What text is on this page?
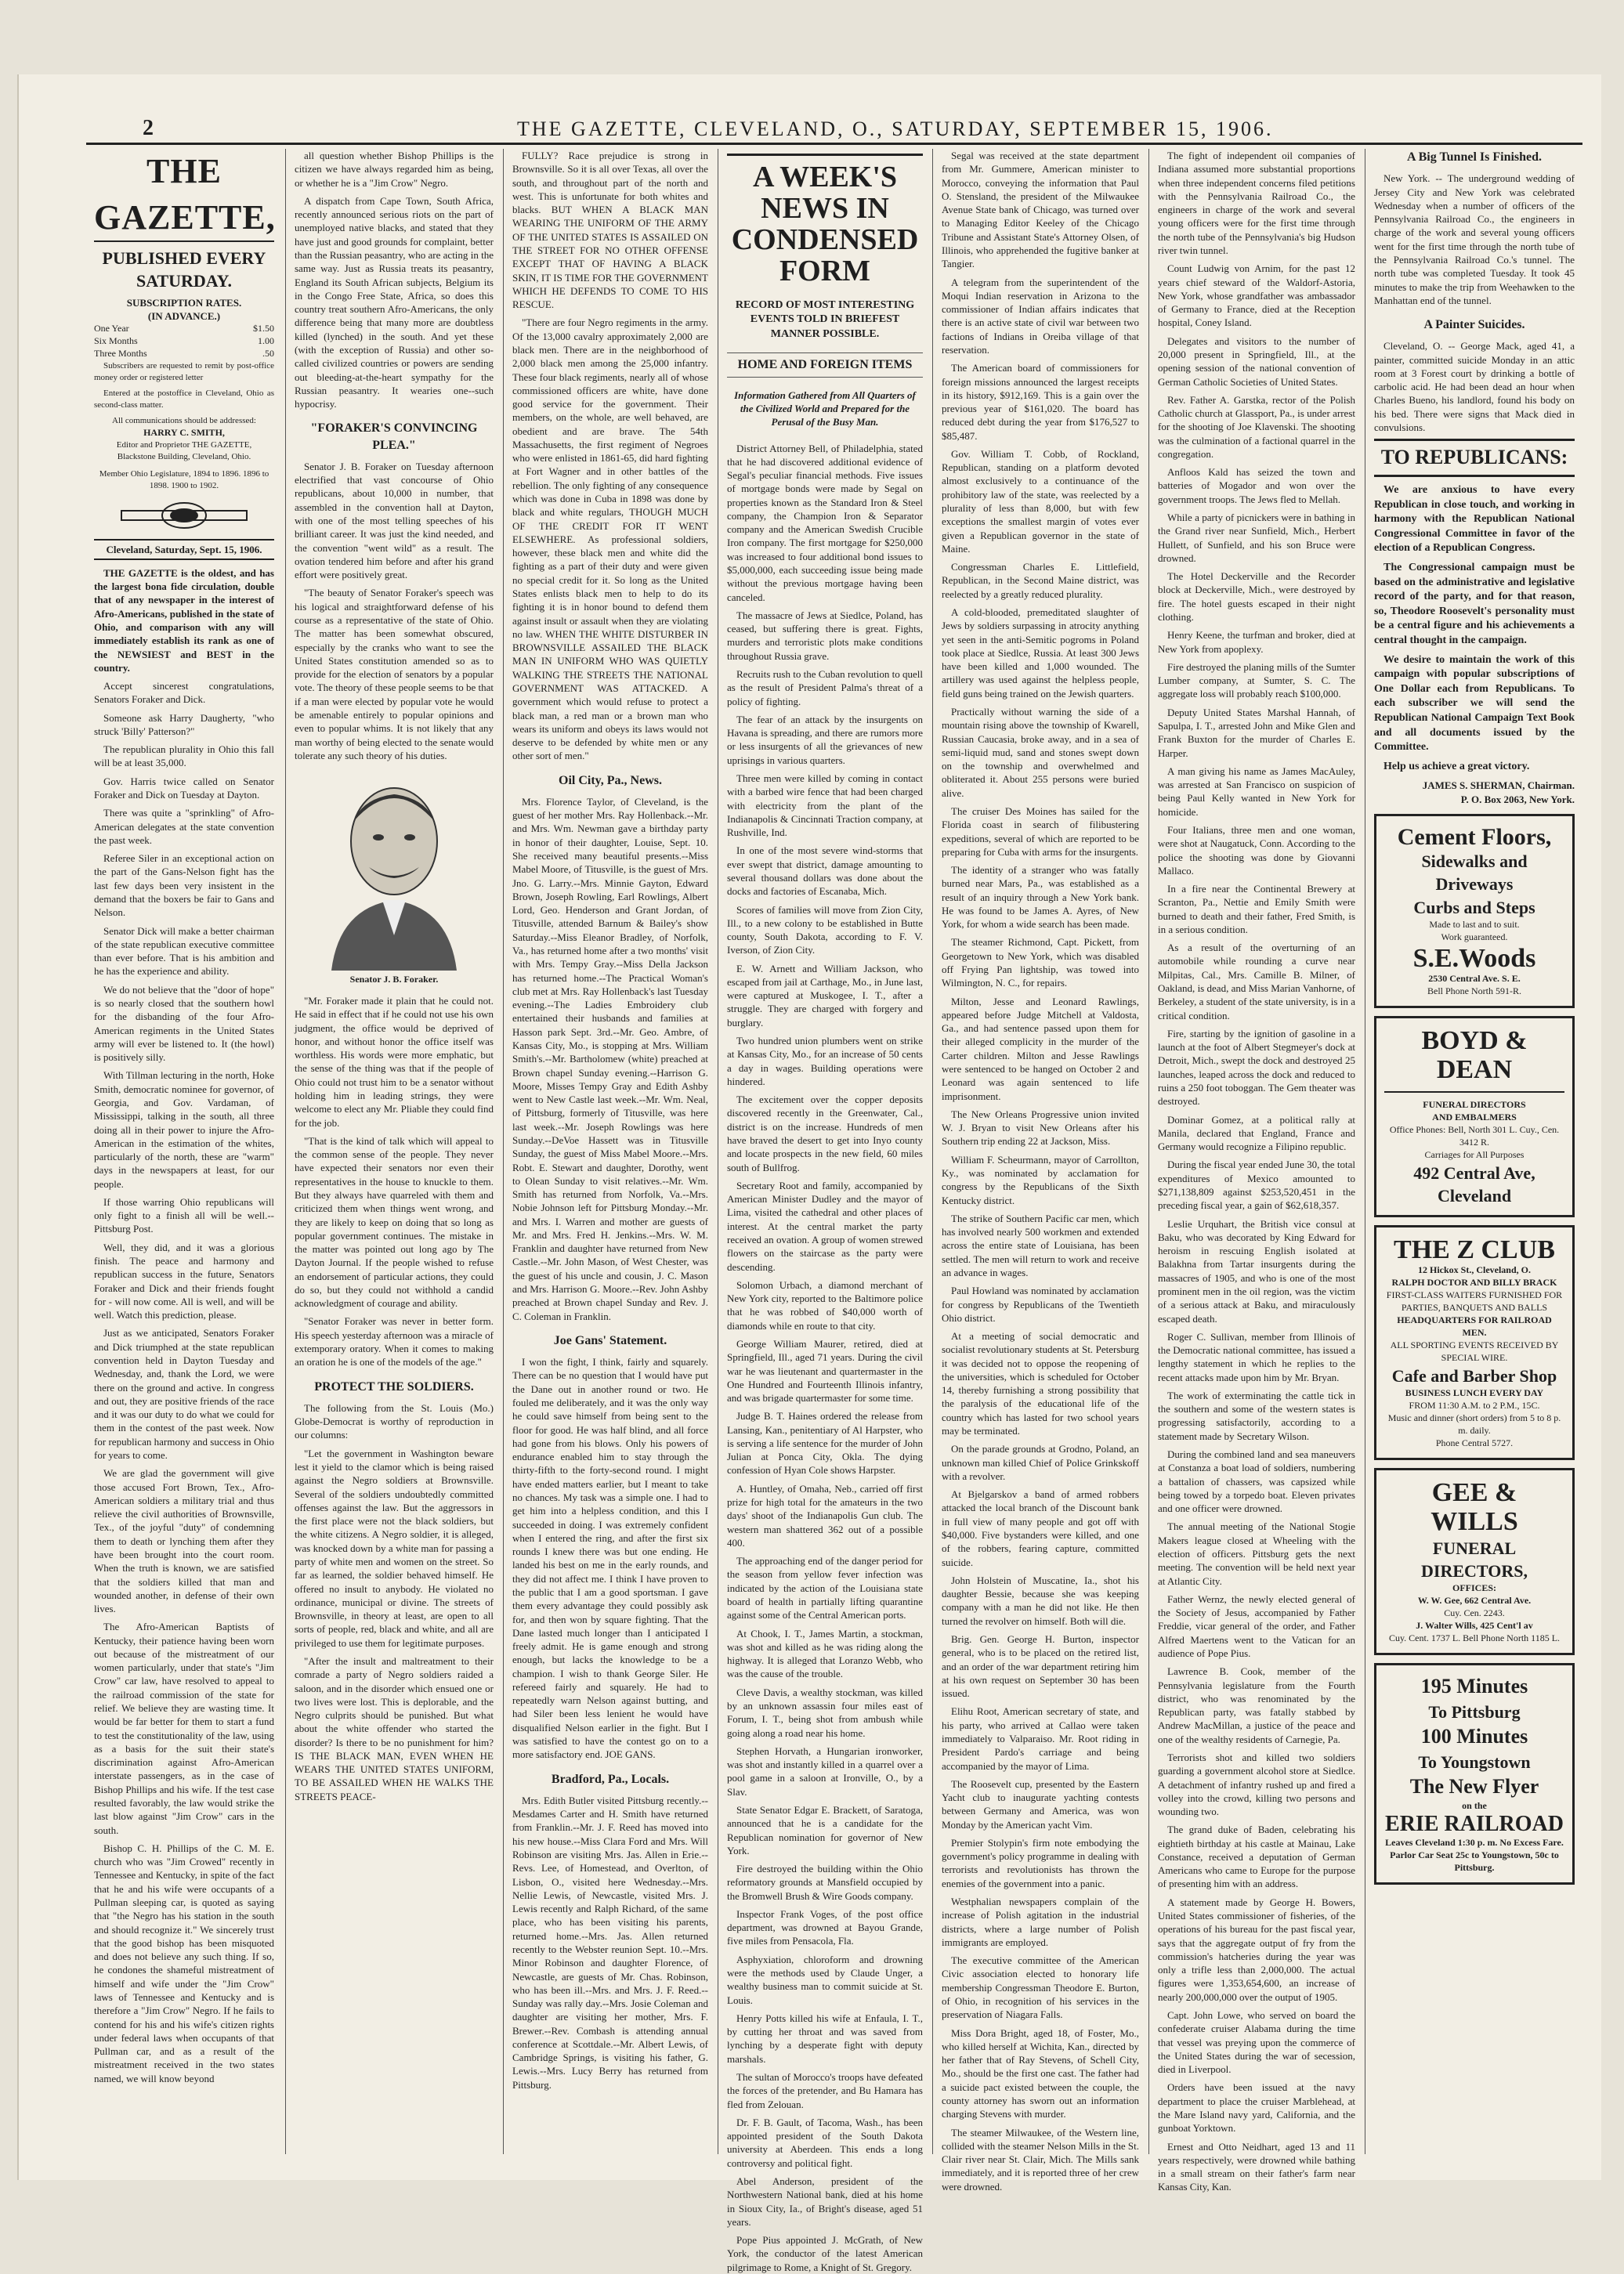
2	THE GAZETTE, CLEVELAND, O., SATURDAY, SEPTEMBER 15, 1906.
THE GAZETTE,
PUBLISHED EVERY SATURDAY.
SUBSCRIPTION RATES.
(IN ADVANCE.)
One Year	$1.50
Six Months	1.00
Three Months	.50

Subscribers are requested to remit by post-office money order or registered letter

Entered at the postoffice in Cleveland, Ohio as second-class matter.

All communications should be addressed:
HARRY C. SMITH,
Editor and Proprietor THE GAZETTE,
Blackstone Building, Cleveland, Ohio.
Member Ohio Legislature, 1894 to 1896. 1896 to 1898. 1900 to 1902.
Cleveland, Saturday, Sept. 15, 1906.

THE GAZETTE is the oldest, and has the largest bona fide circulation, double that of any newspaper in the interest of Afro-Americans, published in the state of Ohio, and comparison with any will immediately establish its rank as one of the NEWSIEST and BEST in the country.

Accept sincerest congratulations, Senators Foraker and Dick.

Someone ask Harry Daugherty, "who struck 'Billy' Patterson?"

The republican plurality in Ohio this fall will be at least 35,000.

Gov. Harris twice called on Senator Foraker and Dick on Tuesday at Dayton.

There was quite a "sprinkling" of Afro-American delegates at the state convention the past week.

Referee Siler in an exceptional action on the part of the Gans-Nelson fight has the last few days been very insistent in the demand that the boxers be fair to Gans and Nelson.

Senator Dick will make a better chairman of the state republican executive committee than ever before. That is his ambition and he has the experience and ability.

We do not believe that the "door of hope" is so nearly closed that the southern howl for the disbanding of the four Afro-American regiments in the United States army will ever be listened to. It (the howl) is positively silly.

With Tillman lecturing in the north, Hoke Smith, democratic nominee for governor, of Georgia, and Gov. Vardaman, of Mississippi, talking in the south, all three doing all in their power to injure the Afro-American in the estimation of the whites, particularly of the north, these are "warm" days in the newspapers at least, for our people.

If those warring Ohio republicans will only fight to a finish all will be well.--Pittsburg Post.

Well, they did, and it was a glorious finish. The peace and harmony and republican success in the future, Senators Foraker and Dick and their friends fought for - will now come. All is well, and will be well. Watch this prediction, please.

Just as we anticipated, Senators Foraker and Dick triumphed at the state republican convention held in Dayton Tuesday and Wednesday, and, thank the Lord, we were there on the ground and active. In congress and out, they are positive friends of the race and it was our duty to do what we could for them in the contest of the past week. Now for republican harmony and success in Ohio for years to come.

We are glad the government will give those accused Fort Brown, Tex., Afro-American soldiers a military trial and thus relieve the civil authorities of Brownsville, Tex., of the joyful "duty" of condemning them to death or lynching them after they have been brought into the court room. When the truth is known, we are satisfied that the soldiers killed that man and wounded another, in defense of their own lives.

The Afro-American Baptists of Kentucky, their patience having been worn out because of the mistreatment of our women particularly, under that state's "Jim Crow" car law, have resolved to appeal to the railroad commission of the state for relief. We believe they are wasting time. It would be far better for them to start a fund to test the constitutionality of the law, using as a basis for the suit their state's discrimination against Afro-American interstate passengers, as in the case of Bishop Phillips and his wife. If the test case resulted favorably, the law would strike the last blow against "Jim Crow" cars in the south.

Bishop C. H. Phillips of the C. M. E. church who was "Jim Crowed" recently in Tennessee and Kentucky, in spite of the fact that he and his wife were occupants of a Pullman sleeping car, is quoted as saying that "the Negro has his station in the south and should recognize it." We sincerely trust that the good bishop has been misquoted and does not believe any such thing. If so, he condones the shameful mistreatment of himself and wife under the "Jim Crow" laws of Tennessee and Kentucky and is therefore a "Jim Crow" Negro. If he fails to contend for his and his wife's citizen rights under federal laws when occupants of that Pullman car, and as a result of the mistreatment received in the two states named, we will know beyond

all question whether Bishop Phillips is the citizen we have always regarded him as being, or whether he is a "Jim Crow" Negro.

A dispatch from Cape Town, South Africa, recently announced serious riots on the part of unemployed native blacks, and stated that they have just and good grounds for complaint, better than the Russian peasantry, who are acting in the same way. Just as Russia treats its peasantry, England its South African subjects, Belgium its in the Congo Free State, Africa, so does this country treat southern Afro-Americans, the only difference being that many more are doubtless killed (lynched) in the south. And yet these (with the exception of Russia) and other so-called civilized countries or powers are sending out bleeding-at-the-heart sympathy for the Russian peasantry. It wearies one--such hypocrisy.

"FORAKER'S CONVINCING PLEA."

Senator J. B. Foraker on Tuesday afternoon electrified that vast concourse of Ohio republicans, about 10,000 in number, that assembled in the convention hall at Dayton, with one of the most telling speeches of his brilliant career. It was just the kind needed, and the convention "went wild" as a result. The ovation tendered him before and after his grand effort were positively great.

"The beauty of Senator Foraker's speech was his logical and straightforward defense of his course as a representative of the state of Ohio. The matter has been somewhat obscured, especially by the cranks who want to see the United States constitution amended so as to provide for the election of senators by a popular vote. The theory of these people seems to be that if a man were elected by popular vote he would be amenable entirely to popular opinions and even to popular whims. It is not likely that any man worthy of being elected to the senate would tolerate any such theory of his duties.

Senator J. B. Foraker.

"Mr. Foraker made it plain that he could not. He said in effect that if he could not use his own judgment, the office would be deprived of honor, and without honor the office itself was worthless. His words were more emphatic, but the sense of the thing was that if the people of Ohio could not trust him to be a senator without holding him in leading strings, they were welcome to elect any Mr. Pliable they could find for the job.

"That is the kind of talk which will appeal to the common sense of the people. They never have expected their senators nor even their representatives in the house to knuckle to them. But they always have quarreled with them and criticized them when things went wrong, and they are likely to keep on doing that so long as popular government continues. The mistake in the matter was pointed out long ago by The Dayton Journal. If the people wished to refuse an endorsement of particular actions, they could do so, but they could not withhold a candid acknowledgment of courage and ability.

"Senator Foraker was never in better form. His speech yesterday afternoon was a miracle of extemporary oratory. When it comes to making an oration he is one of the models of the age."

PROTECT THE SOLDIERS.

The following from the St. Louis (Mo.) Globe-Democrat is worthy of reproduction in our columns:

"Let the government in Washington beware lest it yield to the clamor which is being raised against the Negro soldiers at Brownsville. Several of the soldiers undoubtedly committed offenses against the law. But the aggressors in the first place were not the black soldiers, but the white citizens. A Negro soldier, it is alleged, was knocked down by a white man for passing a party of white men and women on the street. So far as learned, the soldier behaved himself. He offered no insult to anybody. He violated no ordinance, municipal or divine. The streets of Brownsville, in theory at least, are open to all sorts of people, red, black and white, and all are privileged to use them for legitimate purposes.

"After the insult and maltreatment to their comrade a party of Negro soldiers raided a saloon, and in the disorder which ensued one or two lives were lost. This is deplorable, and the Negro culprits should be punished. But what about the white offender who started the disorder? Is there to be no punishment for him? IS THE BLACK MAN, EVEN WHEN HE WEARS THE UNITED STATES UNIFORM, TO BE ASSAILED WHEN HE WALKS THE STREETS PEACE-

FULLY? Race prejudice is strong in Brownsville. So it is all over Texas, all over the south, and throughout part of the north and west. This is unfortunate for both whites and blacks. BUT WHEN A BLACK MAN WEARING THE UNIFORM OF THE ARMY OF THE UNITED STATES IS ASSAILED ON THE STREET FOR NO OTHER OFFENSE EXCEPT THAT OF HAVING A BLACK SKIN, IT IS TIME FOR THE GOVERNMENT WHICH HE DEFENDS TO COME TO HIS RESCUE.

"There are four Negro regiments in the army. Of the 13,000 cavalry approximately 2,000 are black men. There are in the neighborhood of 2,000 black men among the 25,000 infantry. These four black regiments, nearly all of whose commissioned officers are white, have done good service for the government. Their members, on the whole, are well behaved, are obedient and are brave. The 54th Massachusetts, the first regiment of Negroes who were enlisted in 1861-65, did hard fighting at Fort Wagner and in other battles of the rebellion. The only fighting of any consequence which was done in Cuba in 1898 was done by black and white regulars, THOUGH MUCH OF THE CREDIT FOR IT WENT ELSEWHERE. As professional soldiers, however, these black men and white did the fighting as a part of their duty and were given no special credit for it. So long as the United States enlists black men to help to do its fighting it is in honor bound to defend them against insult or assault when they are violating no law. WHEN THE WHITE DISTURBER IN BROWNSVILLE ASSAILED THE BLACK MAN IN UNIFORM WHO WAS QUIETLY WALKING THE STREETS THE NATIONAL GOVERNMENT WAS ATTACKED. A government which would refuse to protect a black man, a red man or a brown man who wears its uniform and obeys its laws would not deserve to be defended by white men or any other sort of men."

Oil City, Pa., News.

Mrs. Florence Taylor, of Cleveland, is the guest of her mother Mrs. Ray Hollenback.--Mr. and Mrs. Wm. Newman gave a birthday party in honor of their daughter, Louise, Sept. 10. She received many beautiful presents.--Miss Mabel Moore, of Titusville, is the guest of Mrs. Jno. G. Larry.--Mrs. Minnie Gayton, Edward Brown, Joseph Rowling, Earl Rowlings, Albert Lord, Geo. Henderson and Grant Jordan, of Titusville, attended Barnum & Bailey's show Saturday.--Miss Eleanor Bradley, of Norfolk, Va., has returned home after a two months' visit with Mrs. Tempy Gray.--Miss Della Jackson has returned home.--The Practical Woman's club met at Mrs. Ray Hollenback's last Tuesday evening.--The Ladies Embroidery club entertained their husbands and families at Hasson park Sept. 3rd.--Mr. Geo. Ambre, of Kansas City, Mo., is stopping at Mrs. William Smith's.--Mr. Bartholomew (white) preached at Brown chapel Sunday evening.--Harrison G. Moore, Misses Tempy Gray and Edith Ashby went to New Castle last week.--Mr. Wm. Neal, of Pittsburg, formerly of Titusville, was here last week.--Mr. Joseph Rowlings was here Sunday.--DeVoe Hassett was in Titusville Sunday, the guest of Miss Mabel Moore.--Mrs. Robt. E. Stewart and daughter, Dorothy, went to Olean Sunday to visit relatives.--Mr. Wm. Smith has returned from Norfolk, Va.--Mrs. Nobie Johnson left for Pittsburg Monday.--Mr. and Mrs. I. Warren and mother are guests of Mr. and Mrs. Fred H. Jenkins.--Mrs. W. M. Franklin and daughter have returned from New Castle.--Mr. John Mason, of West Chester, was the guest of his uncle and cousin, J. C. Mason and Mrs. Harrison G. Moore.--Rev. John Ashby preached at Brown chapel Sunday and Rev. J. C. Coleman in Franklin.

Joe Gans' Statement.

I won the fight, I think, fairly and squarely. There can be no question that I would have put the Dane out in another round or two. He fouled me deliberately, and it was the only way he could save himself from being sent to the floor for good. He was half blind, and all force had gone from his blows. Only his powers of endurance enabled him to stay through the thirty-fifth to the forty-second round. I might have ended matters earlier, but I meant to take no chances. My task was a simple one. I had to get him into a helpless condition, and this I succeeded in doing. I was extremely confident when I entered the ring, and after the first six rounds I knew there was but one ending. He landed his best on me in the early rounds, and they did not affect me. I think I have proven to the public that I am a good sportsman. I gave them every advantage they could possibly ask for, and then won by square fighting. That the Dane lasted much longer than I anticipated I freely admit. He is game enough and strong enough, but lacks the knowledge to be a champion. I wish to thank George Siler. He refereed fairly and squarely. He had to repeatedly warn Nelson against butting, and had Siler been less lenient he would have disqualified Nelson earlier in the fight. But I was satisfied to have the contest go on to a more satisfactory end. JOE GANS.

Bradford, Pa., Locals.

Mrs. Edith Butler visited Pittsburg recently.--Mesdames Carter and H. Smith have returned from Franklin.--Mr. J. F. Reed has moved into his new house.--Miss Clara Ford and Mrs. Will Robinson are visiting Mrs. Jas. Allen in Erie.--Revs. Lee, of Homestead, and Overlton, of Lisbon, O., visited here Wednesday.--Mrs. Nellie Lewis, of Newcastle, visited Mrs. J. Lewis recently and Ralph Richard, of the same place, who has been visiting his parents, returned home.--Mrs. Jas. Allen returned recently to the Webster reunion Sept. 10.--Mrs. Minor Robinson and daughter Florence, of Newcastle, are guests of Mr. Chas. Robinson, who has been ill.--Mrs. and Mrs. J. F. Reed.--Sunday was rally day.--Mrs. Josie Coleman and daughter are visiting her mother, Mrs. F. Brewer.--Rev. Combash is attending annual conference at Scottdale.--Mr. Albert Lewis, of Cambridge Springs, is visiting his father, G. Lewis.--Mrs. Lucy Berry has returned from Pittsburg.

A WEEK'S NEWS IN
CONDENSED FORM
RECORD OF MOST INTERESTING EVENTS TOLD IN BRIEFEST MANNER POSSIBLE.
HOME AND FOREIGN ITEMS
Information Gathered from All Quarters of the Civilized World and Prepared for the Perusal of the Busy Man.

District Attorney Bell, of Philadelphia, stated that he had discovered additional evidence of Segal's peculiar financial methods. Five issues of mortgage bonds were made by Segal on properties known as the Standard Iron & Steel company, the Champion Iron & Separator company and the American Swedish Crucible Iron company. The first mortgage for $250,000 was increased to four additional bond issues to $5,000,000, each succeeding issue being made without the previous mortgage having been canceled.

The massacre of Jews at Siedlce, Poland, has ceased, but suffering there is great. Fights, murders and terroristic plots make conditions throughout Russia grave.

Recruits rush to the Cuban revolution to quell as the result of President Palma's threat of a policy of fighting.

The fear of an attack by the insurgents on Havana is spreading, and there are rumors more or less insurgents of all the grievances of new uprisings in various quarters.

Three men were killed by coming in contact with a barbed wire fence that had been charged with electricity from the plant of the Indianapolis & Cincinnati Traction company, at Rushville, Ind.

In one of the most severe wind-storms that ever swept that district, damage amounting to several thousand dollars was done about the docks and factories of Escanaba, Mich.

Scores of families will move from Zion City, Ill., to a new colony to be established in Butte county, South Dakota, according to F. V. Iverson, of Zion City.

E. W. Arnett and William Jackson, who escaped from jail at Carthage, Mo., in June last, were captured at Muskogee, I. T., after a struggle. They are charged with forgery and burglary.

Two hundred union plumbers went on strike at Kansas City, Mo., for an increase of 50 cents a day in wages. Building operations were hindered.

The excitement over the copper deposits discovered recently in the Greenwater, Cal., district is on the increase. Hundreds of men have braved the desert to get into Inyo county and locate prospects in the new field, 60 miles south of Bullfrog.

Secretary Root and family, accompanied by American Minister Dudley and the mayor of Lima, visited the cathedral and other places of interest. At the central market the party received an ovation. A group of women strewed flowers on the staircase as the party were descending.

Solomon Urbach, a diamond merchant of New York city, reported to the Baltimore police that he was robbed of $40,000 worth of diamonds while en route to that city.

George William Maurer, retired, died at Springfield, Ill., aged 71 years. During the civil war he was lieutenant and quartermaster in the One Hundred and Fourteenth Illinois infantry, and was brigade quartermaster for some time.

Judge B. T. Haines ordered the release from Lansing, Kan., penitentiary of Al Harpster, who is serving a life sentence for the murder of John Julian at Ponca City, Okla. The dying confession of Hyan Cole shows Harpster.

A. Huntley, of Omaha, Neb., carried off first prize for high total for the amateurs in the two days' shoot of the Indianapolis Gun club. The western man shattered 362 out of a possible 400.

The approaching end of the danger period for the season from yellow fever infection was indicated by the action of the Louisiana state board of health in partially lifting quarantine against some of the Central American ports.

At Chook, I. T., James Martin, a stockman, was shot and killed as he was riding along the highway. It is alleged that Loranzo Webb, who was the cause of the trouble.

Cleve Davis, a wealthy stockman, was killed by an unknown assassin four miles east of Forum, I. T., being shot from ambush while going along a road near his home.

Stephen Horvath, a Hungarian ironworker, was shot and instantly killed in a quarrel over a pool game in a saloon at Ironville, O., by a Slav.

State Senator Edgar E. Brackett, of Saratoga, announced that he is a candidate for the Republican nomination for governor of New York.

Fire destroyed the building within the Ohio reformatory grounds at Mansfield occupied by the Bromwell Brush & Wire Goods company.

Inspector Frank Voges, of the post office department, was drowned at Bayou Grande, five miles from Pensacola, Fla.

Asphyxiation, chloroform and drowning were the methods used by Claude Unger, a wealthy business man to commit suicide at St. Louis.

Henry Potts killed his wife at Enfaula, I. T., by cutting her throat and was saved from lynching by a desperate fight with deputy marshals.

The sultan of Morocco's troops have defeated the forces of the pretender, and Bu Hamara has fled from Zelouan.

Dr. F. B. Gault, of Tacoma, Wash., has been appointed president of the South Dakota university at Aberdeen. This ends a long controversy and political fight.

Abel Anderson, president of the Northwestern National bank, died at his home in Sioux City, Ia., of Bright's disease, aged 51 years.

Pope Pius appointed J. McGrath, of New York, the conductor of the latest American pilgrimage to Rome, a Knight of St. Gregory.

Segal was received at the state department from Mr. Gummere, American minister to Morocco, conveying the information that Paul O. Stensland, the president of the Milwaukee Avenue State bank of Chicago, was turned over to Managing Editor Keeley of the Chicago Tribune and Assistant State's Attorney Olsen, of Illinois, who apprehended the fugitive banker at Tangier.

A telegram from the superintendent of the Moqui Indian reservation in Arizona to the commissioner of Indian affairs indicates that there is an active state of civil war between two factions of Indians in Oreiba village of that reservation.

The American board of commissioners for foreign missions announced the largest receipts in its history, $912,169. This is a gain over the previous year of $161,020. The board has reduced debt during the year from $176,527 to $85,487.

Gov. William T. Cobb, of Rockland, Republican, standing on a platform devoted almost exclusively to a continuance of the prohibitory law of the state, was reelected by a plurality of less than 8,000, but with few exceptions the smallest margin of votes ever given a Republican governor in the state of Maine.

Congressman Charles E. Littlefield, Republican, in the Second Maine district, was reelected by a greatly reduced plurality.

A cold-blooded, premeditated slaughter of Jews by soldiers surpassing in atrocity anything yet seen in the anti-Semitic pogroms in Poland took place at Siedlce, Russia. At least 300 Jews have been killed and 1,000 wounded. The artillery was used against the helpless people, field guns being trained on the Jewish quarters.

Practically without warning the side of a mountain rising above the township of Kwarell, Russian Caucasia, broke away, and in a sea of semi-liquid mud, sand and stones swept down on the township and overwhelmed and obliterated it. About 255 persons were buried alive.

The cruiser Des Moines has sailed for the Florida coast in search of filibustering expeditions, several of which are reported to be preparing for Cuba with arms for the insurgents.

The identity of a stranger who was fatally burned near Mars, Pa., was established as a result of an inquiry through a New York bank. He was found to be James A. Ayres, of New York, for whom a wide search has been made.

The steamer Richmond, Capt. Pickett, from Georgetown to New York, which was disabled off Frying Pan lightship, was towed into Wilmington, N. C., for repairs.

Milton, Jesse and Leonard Rawlings, appeared before Judge Mitchell at Valdosta, Ga., and had sentence passed upon them for their alleged complicity in the murder of the Carter children. Milton and Jesse Rawlings were sentenced to be hanged on October 2 and Leonard was again sentenced to life imprisonment.

The New Orleans Progressive union invited W. J. Bryan to visit New Orleans after his Southern trip ending 22 at Jackson, Miss.

William F. Scheurmann, mayor of Carrollton, Ky., was nominated by acclamation for congress by the Republicans of the Sixth Kentucky district.

The strike of Southern Pacific car men, which has involved nearly 500 workmen and extended across the entire state of Louisiana, has been settled. The men will return to work and receive an advance in wages.

Paul Howland was nominated by acclamation for congress by Republicans of the Twentieth Ohio district.

At a meeting of social democratic and socialist revolutionary students at St. Petersburg it was decided not to oppose the reopening of the universities, which is scheduled for October 14, thereby furnishing a strong possibility that the paralysis of the educational life of the country which has lasted for two school years may be terminated.

On the parade grounds at Grodno, Poland, an unknown man killed Chief of Police Grinkskoff with a revolver.

At Bjelgarskov a band of armed robbers attacked the local branch of the Discount bank in full view of many people and got off with $40,000. Five bystanders were killed, and one of the robbers, fearing capture, committed suicide.

John Holstein of Muscatine, Ia., shot his daughter Bessie, because she was keeping company with a man he did not like. He then turned the revolver on himself. Both will die.

Brig. Gen. George H. Burton, inspector general, who is to be placed on the retired list, and an order of the war department retiring him at his own request on September 30 has been issued.

Elihu Root, American secretary of state, and his party, who arrived at Callao were taken immediately to Valparaiso. Mr. Root riding in President Pardo's carriage and being accompanied by the mayor of Lima.

The Roosevelt cup, presented by the Eastern Yacht club to inaugurate yachting contests between Germany and America, was won Monday by the American yacht Vim.

Premier Stolypin's firm note embodying the government's policy programme in dealing with terrorists and revolutionists has thrown the enemies of the government into a panic.

Westphalian newspapers complain of the increase of Polish agitation in the industrial districts, where a large number of Polish immigrants are employed.

The executive committee of the American Civic association elected to honorary life membership Congressman Theodore E. Burton, of Ohio, in recognition of his services in the preservation of Niagara Falls.

Miss Dora Bright, aged 18, of Foster, Mo., who killed herself at Wichita, Kan., directed by her father that of Ray Stevens, of Schell City, Mo., should be the first one cast. The father had a suicide pact existed between the couple, the county attorney has sworn out an information charging Stevens with murder.

The steamer Milwaukee, of the Western line, collided with the steamer Nelson Mills in the St. Clair river near St. Clair, Mich. The Mills sank immediately, and it is reported three of her crew were drowned.

The fight of independent oil companies of Indiana assumed more substantial proportions when three independent concerns filed petitions with the Pennsylvania Railroad Co., the engineers in charge of the work and several young officers were for the first time through the north tube of the Pennsylvania's big Hudson river twin tunnel.

Count Ludwig von Arnim, for the past 12 years chief steward of the Waldorf-Astoria, New York, whose grandfather was ambassador of Germany to France, died at the Reception hospital, Coney Island.

Delegates and visitors to the number of 20,000 present in Springfield, Ill., at the opening session of the national convention of German Catholic Societies of United States.

Rev. Father A. Garstka, rector of the Polish Catholic church at Glassport, Pa., is under arrest for the shooting of Joe Klavenski. The shooting was the culmination of a factional quarrel in the congregation.

Anfloos Kald has seized the town and batteries of Mogador and won over the government troops. The Jews fled to Mellah.

While a party of picnickers were in bathing in the Grand river near Sunfield, Mich., Herbert Hullett, of Sunfield, and his son Bruce were drowned.

The Hotel Deckerville and the Recorder block at Deckerville, Mich., were destroyed by fire. The hotel guests escaped in their night clothing.

Henry Keene, the turfman and broker, died at New York from apoplexy.

Fire destroyed the planing mills of the Sumter Lumber company, at Sumter, S. C. The aggregate loss will probably reach $100,000.

Deputy United States Marshal Hannah, of Sapulpa, I. T., arrested John and Mike Glen and Frank Buxton for the murder of Charles E. Harper.

A man giving his name as James MacAuley, was arrested at San Francisco on suspicion of being Paul Kelly wanted in New York for homicide.

Four Italians, three men and one woman, were shot at Naugatuck, Conn. According to the police the shooting was done by Giovanni Mallaco.

In a fire near the Continental Brewery at Scranton, Pa., Nettie and Emily Smith were burned to death and their father, Fred Smith, is in a serious condition.

As a result of the overturning of an automobile while rounding a curve near Milpitas, Cal., Mrs. Camille B. Milner, of Oakland, is dead, and Miss Marian Vanhorne, of Berkeley, a student of the state university, is in a critical condition.

Fire, starting by the ignition of gasoline in a launch at the foot of Albert Stegmeyer's dock at Detroit, Mich., swept the dock and destroyed 25 launches, leaped across the dock and reduced to ruins a 250 foot toboggan. The Gem theater was destroyed.

Dominar Gomez, at a political rally at Manila, declared that England, France and Germany would recognize a Filipino republic.

During the fiscal year ended June 30, the total expenditures of Mexico amounted to $271,138,809 against $253,520,451 in the preceding fiscal year, a gain of $62,618,357.

Leslie Urquhart, the British vice consul at Baku, who was decorated by King Edward for heroism in rescuing English isolated at Balakhna from Tartar insurgents during the massacres of 1905, and who is one of the most prominent men in the oil region, was the victim of a serious attack at Baku, and miraculously escaped death.

Roger C. Sullivan, member from Illinois of the Democratic national committee, has issued a lengthy statement in which he replies to the recent attacks made upon him by Mr. Bryan.

The work of exterminating the cattle tick in the southern and some of the western states is progressing satisfactorily, according to a statement made by Secretary Wilson.

During the combined land and sea maneuvers at Constanza a boat load of soldiers, numbering a battalion of chassers, was capsized while being towed by a torpedo boat. Eleven privates and one officer were drowned.

The annual meeting of the National Stogie Makers league closed at Wheeling with the election of officers. Pittsburg gets the next meeting. The convention will be held next year at Atlantic City.

Father Wernz, the newly elected general of the Society of Jesus, accompanied by Father Freddie, vicar general of the order, and Father Alfred Maertens went to the Vatican for an audience of Pope Pius.

Lawrence B. Cook, member of the Pennsylvania legislature from the Fourth district, who was renominated by the Republican party, was fatally stabbed by Andrew MacMillan, a justice of the peace and one of the wealthy residents of Carnegie, Pa.

Terrorists shot and killed two soldiers guarding a government alcohol store at Siedlce. A detachment of infantry rushed up and fired a volley into the crowd, killing two persons and wounding two.

The grand duke of Baden, celebrating his eightieth birthday at his castle at Mainau, Lake Constance, received a deputation of German Americans who came to Europe for the purpose of presenting him with an address.

A statement made by George H. Bowers, United States commissioner of fisheries, of the operations of his bureau for the past fiscal year, says that the aggregate output of fry from the commission's hatcheries during the year was only a trifle less than 2,000,000. The actual figures were 1,353,654,600, an increase of nearly 200,000,000 over the output of 1905.

Capt. John Lowe, who served on board the confederate cruiser Alabama during the time that vessel was preying upon the commerce of the United States during the war of secession, died in Liverpool.

Orders have been issued at the navy department to place the cruiser Marblehead, at the Mare Island navy yard, California, and the gunboat Yorktown.

Ernest and Otto Neidhart, aged 13 and 11 years respectively, were drowned while bathing in a small stream on their father's farm near Kansas City, Kan.

A Big Tunnel Is Finished.

New York. -- The underground wedding of Jersey City and New York was celebrated Wednesday when a number of officers of the Pennsylvania Railroad Co., the engineers in charge of the work and several young officers went for the first time through the north tube of the Pennsylvania Railroad Co.'s tunnel. The north tube was completed Tuesday. It took 45 minutes to make the trip from Weehawken to the Manhattan end of the tunnel.

A Painter Suicides.

Cleveland, O. -- George Mack, aged 41, a painter, committed suicide Monday in an attic room at 3 Forest court by drinking a bottle of carbolic acid. He had been dead an hour when Charles Bueno, his landlord, found his body on his bed. There were signs that Mack died in convulsions.

TO REPUBLICANS:

We are anxious to have every Republican in close touch, and working in harmony with the Republican National Congressional Committee in favor of the election of a Republican Congress.

The Congressional campaign must be based on the administrative and legislative record of the party, and for that reason, so, Theodore Roosevelt's personality must be a central figure and his achievements a central thought in the campaign.

We desire to maintain the work of this campaign with popular subscriptions of One Dollar each from Republicans. To each subscriber we will send the Republican National Campaign Text Book and all documents issued by the Committee.

Help us achieve a great victory.

JAMES S. SHERMAN, Chairman.
P. O. Box 2063, New York.
Cement Floors,
Sidewalks and Driveways
Curbs and Steps
Made to last and to suit.
Work guaranteed.
S.E.Woods
2530 Central Ave. S. E.
Bell Phone North 591-R.
BOYD &
DEAN
FUNERAL DIRECTORS
AND EMBALMERS
Office Phones: Bell, North 301 L. Cuy., Cen. 3412 R.
Carriages for All Purposes
492 Central Ave, Cleveland
THE Z CLUB
12 Hickox St., Cleveland, O.
RALPH DOCTOR AND BILLY BRACK
FIRST-CLASS WAITERS FURNISHED FOR PARTIES, BANQUETS AND BALLS
HEADQUARTERS FOR RAILROAD MEN.
ALL SPORTING EVENTS RECEIVED BY SPECIAL WIRE.
Cafe and Barber Shop
BUSINESS LUNCH EVERY DAY
FROM 11:30 A.M. to 2 P.M., 15C.
Music and dinner (short orders) from 5 to 8 p. m. daily.
Phone Central 5727.
GEE &
WILLS
FUNERAL DIRECTORS,
OFFICES:
W. W. Gee, 662 Central Ave.
Cuy. Cen. 2243.
J. Walter Wills, 425 Cent'l av
Cuy. Cent. 1737 L. Bell Phone North 1185 L.
195 Minutes
To Pittsburg
100 Minutes
To Youngstown
The New Flyer
on the
ERIE RAILROAD
Leaves Cleveland 1:30 p. m. No Excess Fare. Parlor Car Seat 25c to Youngstown, 50c to Pittsburg.
